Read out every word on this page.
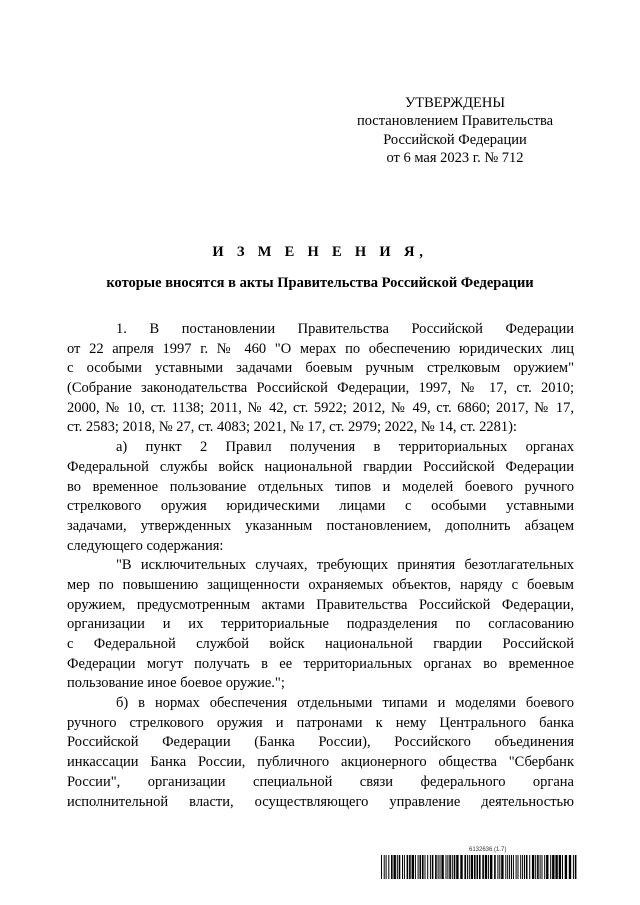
УТВЕРЖДЕНЫ
постановлением Правительства
Российской Федерации
от 6 мая 2023 г. № 712
И З М Е Н Е Н И Я,
которые вносятся в акты Правительства Российской Федерации
1. В постановлении Правительства Российской Федерации
от 22 апреля 1997 г. № 460 "О мерах по обеспечению юридических лиц
с особыми уставными задачами боевым ручным стрелковым оружием"
(Собрание законодательства Российской Федерации, 1997, № 17, ст. 2010;
2000, № 10, ст. 1138; 2011, № 42, ст. 5922; 2012, № 49, ст. 6860; 2017, № 17,
ст. 2583; 2018, № 27, ст. 4083; 2021, № 17, ст. 2979; 2022, № 14, ст. 2281):
а) пункт 2 Правил получения в территориальных органах
Федеральной службы войск национальной гвардии Российской Федерации
во временное пользование отдельных типов и моделей боевого ручного
стрелкового оружия юридическими лицами с особыми уставными
задачами, утвержденных указанным постановлением, дополнить абзацем
следующего содержания:
"В исключительных случаях, требующих принятия безотлагательных
мер по повышению защищенности охраняемых объектов, наряду с боевым
оружием, предусмотренным актами Правительства Российской Федерации,
организации и их территориальные подразделения по согласованию
с Федеральной службой войск национальной гвардии Российской
Федерации могут получать в ее территориальных органах во временное
пользование иное боевое оружие.";
б) в нормах обеспечения отдельными типами и моделями боевого
ручного стрелкового оружия и патронами к нему Центрального банка
Российской Федерации (Банка России), Российского объединения
инкассации Банка России, публичного акционерного общества "Сбербанк
России", организации специальной связи федерального органа
исполнительной власти, осуществляющего управление деятельностью
6132636 (1.7)
